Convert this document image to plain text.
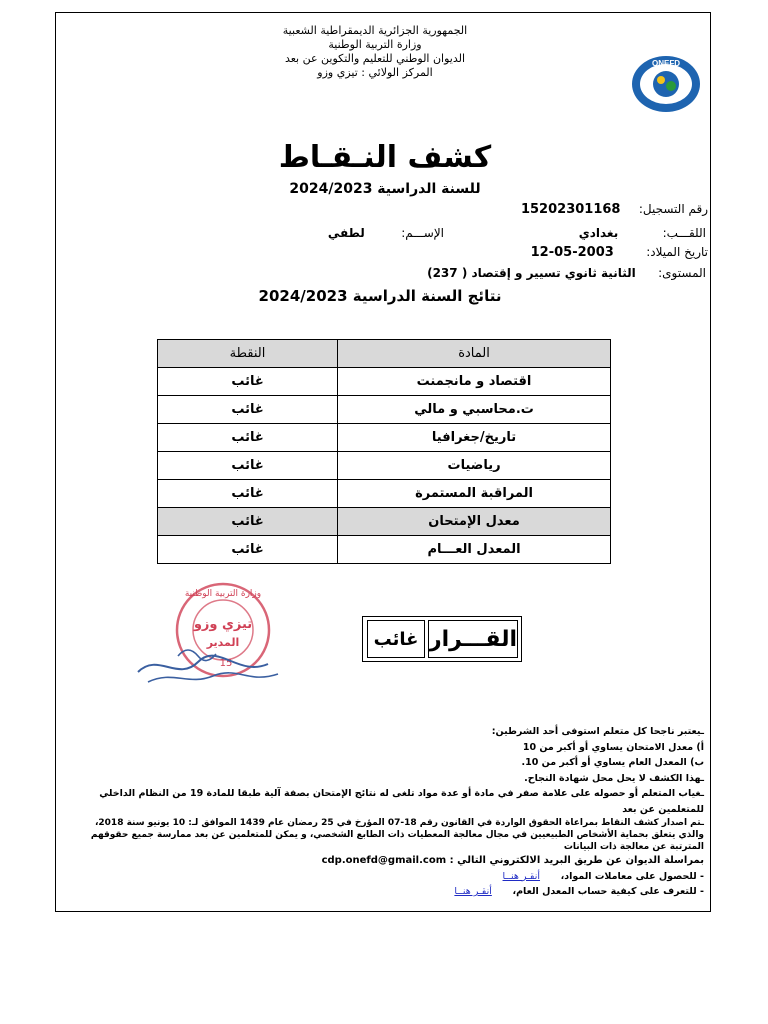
الجمهورية الجزائرية الديمقراطية الشعبية
وزارة التربية الوطنية
الديوان الوطني للتعليم والتكوين عن بعد
المركز الولائي : تيزي وزو
ONEFD
كشف النـقـاط
للسنة الدراسية 2024/2023
رقم التسجيل:  15202301168
اللقـــب:  بغدادي
الإســـم:  لطفي
تاريخ الميلاد:  2003-05-12
المستوى:  الثانية ثانوي تسيير و إقتصاد ( 237)
نتائج السنة الدراسية 2024/2023
المادة	النقطة
اقتصاد و مانجمنت	غائب
ت.محاسبي و مالي	غائب
تاريخ/جغرافيا	غائب
رياضيات	غائب
المراقبة المستمرة	غائب
معدل الإمتحان	غائب
المعدل العـــام	غائب
وزارة التربية الوطنية
تيزي وزو
المدير
15
القـــرار
غائب

ـيعتبر ناجحا كل متعلم استوفى أحد الشرطين:

أ) معدل الامتحان يساوي أو أكبر من 10

ب) المعدل العام يساوي أو أكبر من 10.

ـهذا الكشف لا يحل محل شهادة النجاح.

ـغياب المتعلم أو حصوله على علامة صفر في مادة أو عدة مواد تلغى له نتائج الإمتحان بصفة آلية طبقا للمادة 19 من النظام الداخلي للمتعلمين عن بعد

ـتم اصدار كشف النقاط بمراعاة الحقوق الواردة في القانون رقم 18-07 المؤرخ في 25 رمضان عام 1439 الموافق لـ: 10 يونيو سنة 2018، والذي يتعلق بحماية الأشخاص الطبيعيين في مجال معالجة المعطيات ذات الطابع الشخصي، و يمكن للمتعلمين عن بعد ممارسة جميع حقوقهم المترتبة عن معالجة ذات البيانات

بمراسلة الديوان عن طريق البريد الالكتروني التالي : cdp.onefd@gmail.com

- للحصول على معاملات المواد،  أنقـر هنــا

- للتعرف على كيفية حساب المعدل العام،  أنقـر هنــا
